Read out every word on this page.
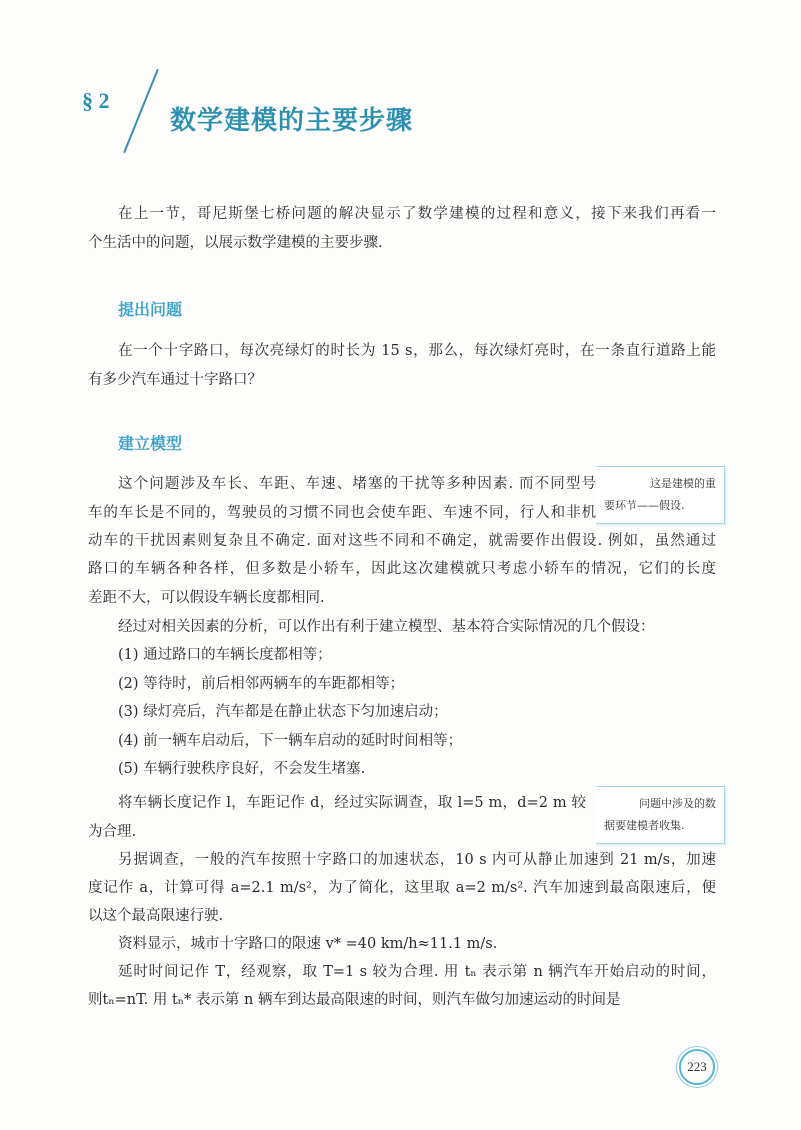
§ 2
数学建模的主要步骤
在上一节，哥尼斯堡七桥问题的解决显示了数学建模的过程和意义，接下来我们再看一
个生活中的问题，以展示数学建模的主要步骤.
提出问题
在一个十字路口，每次亮绿灯的时长为 15 s，那么，每次绿灯亮时，在一条直行道路上能
有多少汽车通过十字路口？
建立模型
这个问题涉及车长、车距、车速、堵塞的干扰等多种因素. 而不同型号
车的车长是不同的，驾驶员的习惯不同也会使车距、车速不同，行人和非机
动车的干扰因素则复杂且不确定. 面对这些不同和不确定，就需要作出假设. 例如，虽然通过
路口的车辆各种各样，但多数是小轿车，因此这次建模就只考虑小轿车的情况，它们的长度
差距不大，可以假设车辆长度都相同.
经过对相关因素的分析，可以作出有利于建立模型、基本符合实际情况的几个假设：
(1) 通过路口的车辆长度都相等；
(2) 等待时，前后相邻两辆车的车距都相等；
(3) 绿灯亮后，汽车都是在静止状态下匀加速启动；
(4) 前一辆车启动后，下一辆车启动的延时时间相等；
(5) 车辆行驶秩序良好，不会发生堵塞.
这是建模的重
要环节——假设.
将车辆长度记作 l，车距记作 d，经过实际调查，取 l=5 m，d=2 m 较
为合理.
另据调查，一般的汽车按照十字路口的加速状态，10 s 内可从静止加速到 21 m/s，加速
度记作 a，计算可得 a=2.1 m/s²，为了简化，这里取 a=2 m/s². 汽车加速到最高限速后，便
以这个最高限速行驶.
资料显示，城市十字路口的限速 v* =40 km/h≈11.1 m/s.
延时时间记作 T，经观察，取 T=1 s 较为合理. 用 tₙ 表示第 n 辆汽车开始启动的时间，
则tₙ=nT. 用 tₙ* 表示第 n 辆车到达最高限速的时间，则汽车做匀加速运动的时间是
问题中涉及的数
据要建模者收集.
223
